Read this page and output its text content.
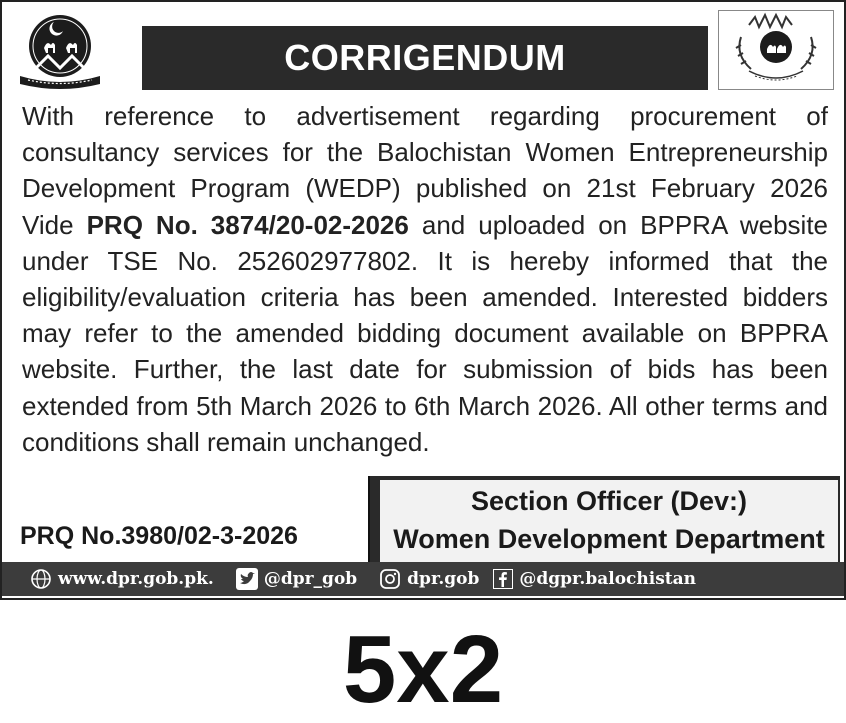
CORRIGENDUM
With reference to advertisement regarding procurement of consultancy services for the Balochistan Women Entrepreneurship Development Program (WEDP) published on 21st February 2026 Vide PRQ No. 3874/20-02-2026 and uploaded on BPPRA website under TSE No. 252602977802. It is hereby informed that the eligibility/evaluation criteria has been amended. Interested bidders may refer to the amended bidding document available on BPPRA website. Further, the last date for submission of bids has been extended from 5th March 2026 to 6th March 2026. All other terms and conditions shall remain unchanged.
PRQ No.3980/02-3-2026
Section Officer (Dev:)
Women Development Department
www.dpr.gob.pk.	@dpr_gob	dpr.gob @dgpr.balochistan
5x2
